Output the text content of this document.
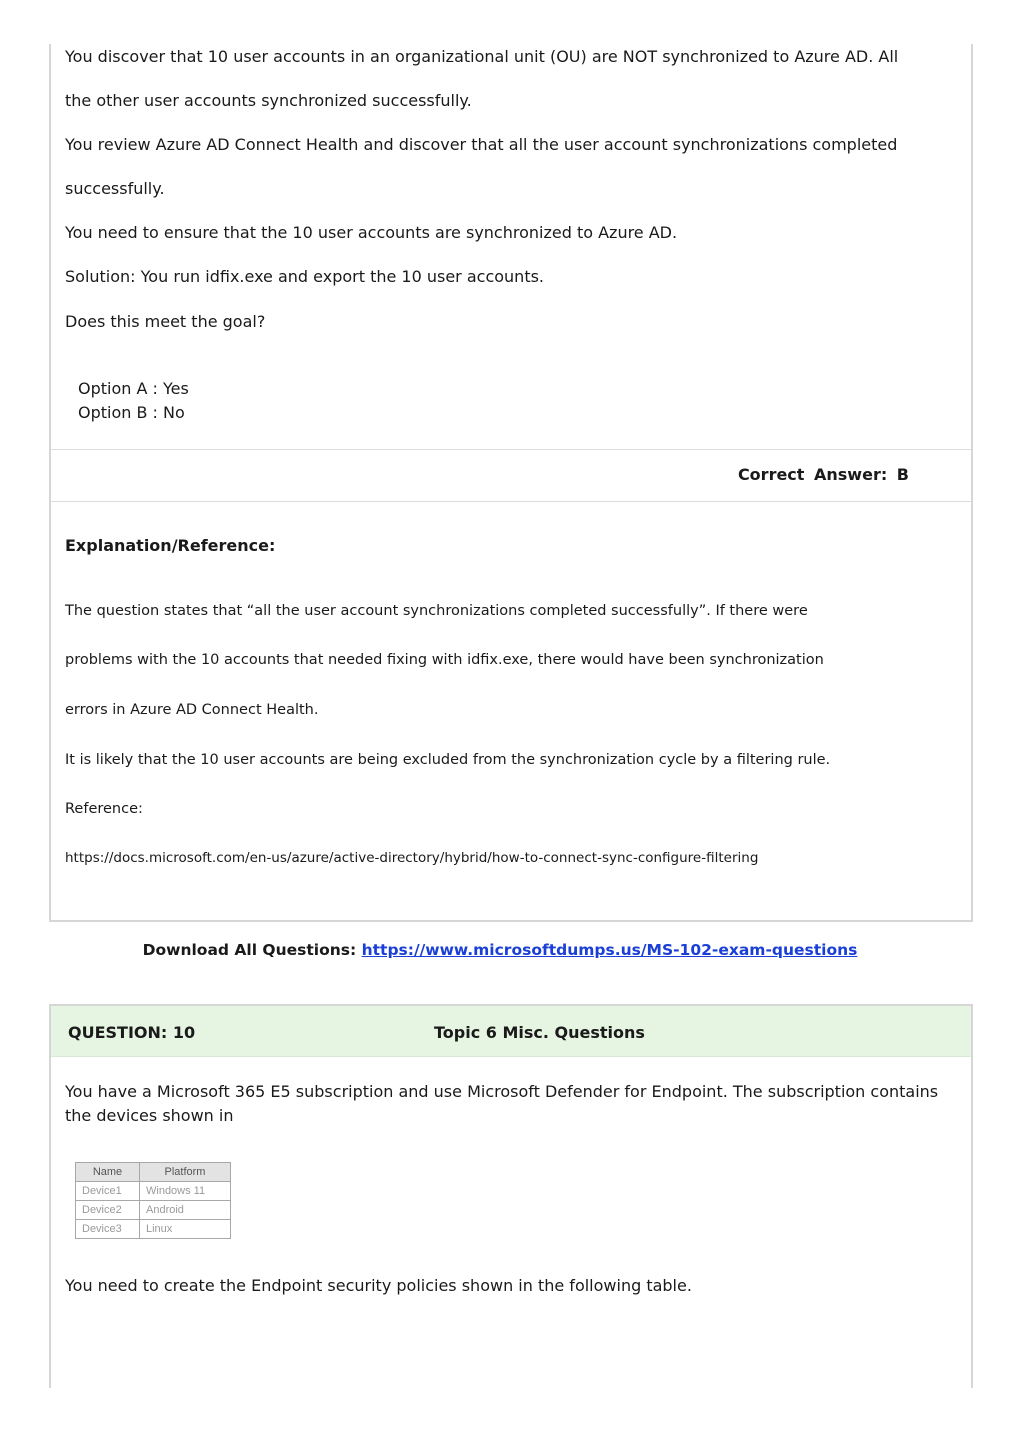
You discover that 10 user accounts in an organizational unit (OU) are NOT synchronized to Azure AD. All

the other user accounts synchronized successfully.

You review Azure AD Connect Health and discover that all the user account synchronizations completed

successfully.

You need to ensure that the 10 user accounts are synchronized to Azure AD.

Solution: You run idfix.exe and export the 10 user accounts.

Does this meet the goal?

Option A : Yes
Option B : No
Correct Answer: B
Explanation/Reference:
The question states that “all the user account synchronizations completed successfully”. If there were
problems with the 10 accounts that needed fixing with idfix.exe, there would have been synchronization
errors in Azure AD Connect Health.
It is likely that the 10 user accounts are being excluded from the synchronization cycle by a filtering rule.
Reference:
https://docs.microsoft.com/en-us/azure/active-directory/hybrid/how-to-connect-sync-configure-filtering
Download All Questions: https://www.microsoftdumps.us/MS-102-exam-questions
QUESTION: 10	Topic 6 Misc. Questions
You have a Microsoft 365 E5 subscription and use Microsoft Defender for Endpoint. The subscription contains the devices shown in
Name	Platform
Device1	Windows 11
Device2	Android
Device3	Linux
You need to create the Endpoint security policies shown in the following table.
